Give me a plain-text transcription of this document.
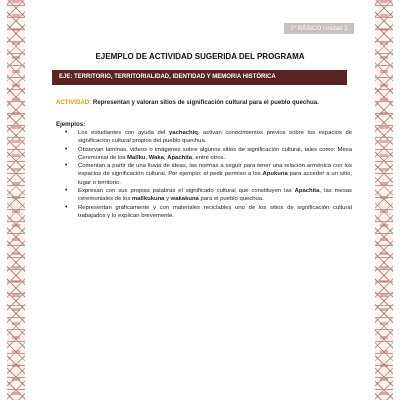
2° BÁSICO Unidad 1
EJEMPLO DE ACTIVIDAD SUGERIDA DEL PROGRAMA
EJE: TERRITORIO, TERRITORIALIDAD, IDENTIDAD Y MEMORIA HISTÓRICA
ACTIVIDAD: Representan y valoran sitios de significación cultural para el pueblo quechua.
Ejemplos:
• Los estudiantes con ayuda del yachachiq, activan conocimientos previos sobre los espacios de significación cultural propios del pueblo quechua.
• Observan láminas, videos o imágenes sobre algunos sitios de significación cultural, tales como: Mesa Ceremonial de los Mallku, Waka, Apachita, entre otros.
• Comentan a partir de una lluvia de ideas, las normas a seguir para tener una relación armónica con los espacios de significación cultural. Por ejemplo: el pedir permiso a los Apukuna para acceder a un sitio, lugar o territorio.
• Expresan con sus propias palabras el significado cultural que constituyen las Apachita, las mesas ceremoniales de los mallkukuna y wakakuna para el pueblo quechua.
• Representan gráficamente y con materiales reciclables uno de los sitios de significación cultural trabajados y lo explican brevemente.
